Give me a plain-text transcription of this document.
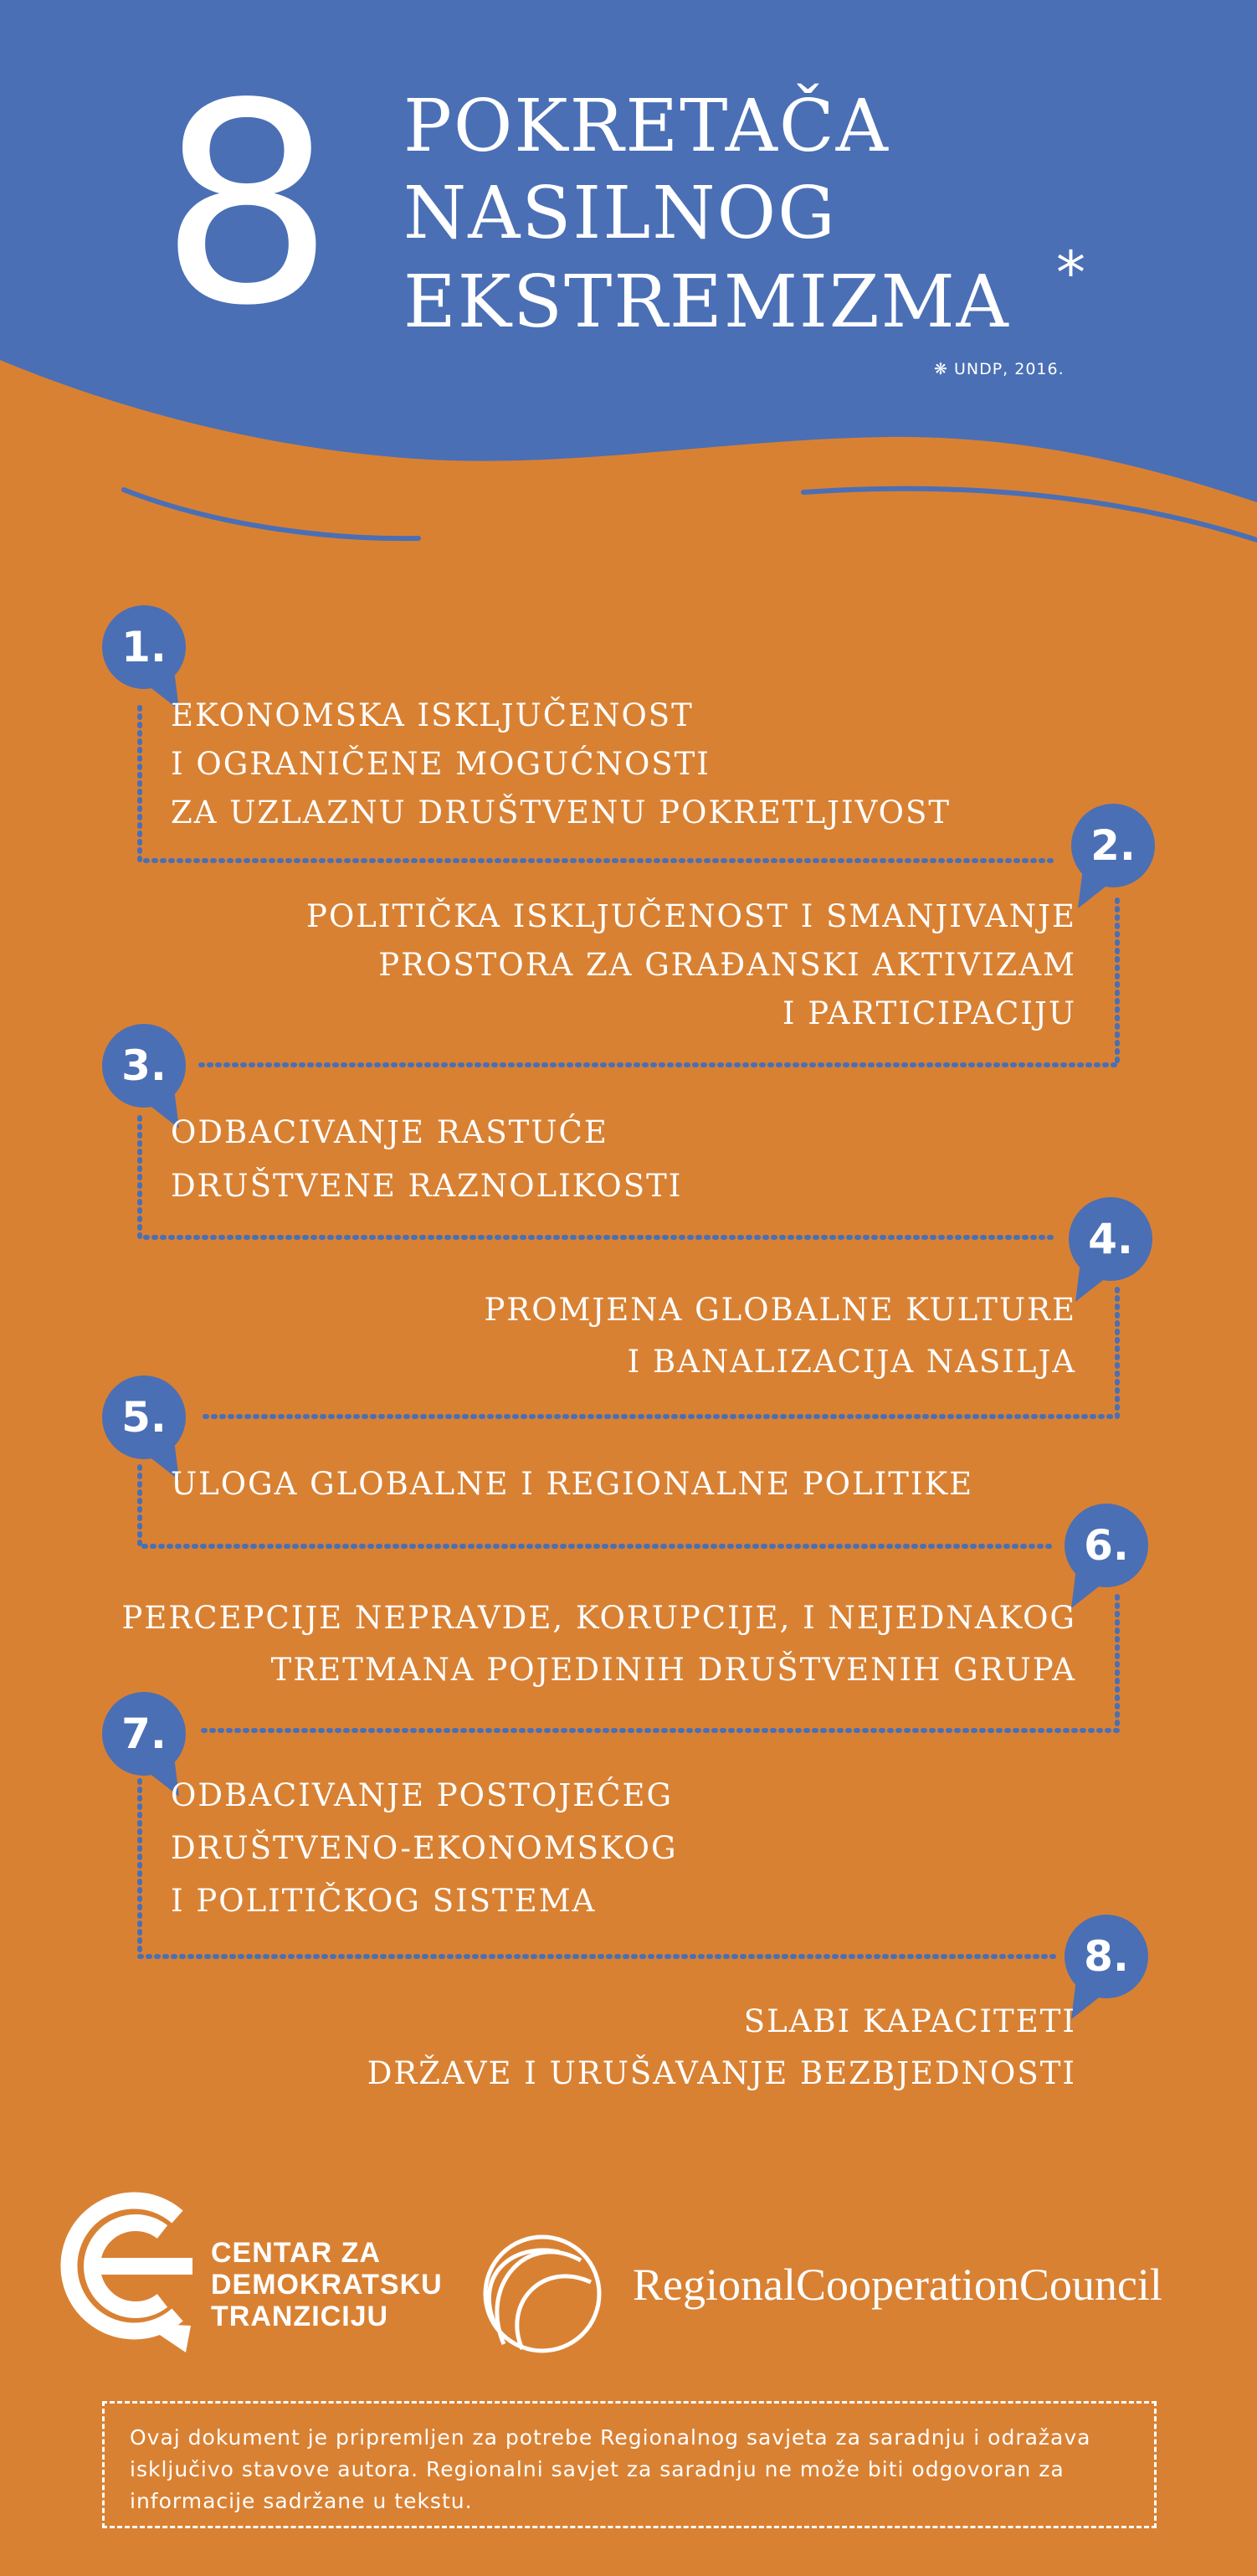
8 POKRETAČA
NASILNOG
EKSTREMIZMA *
❋ UNDP, 2016.
1.
2.
3.
4.
5.
6.
7.
8.
EKONOMSKA ISKLJUČENOST
I OGRANIČENE MOGUĆNOSTI
ZA UZLAZNU DRUŠTVENU POKRETLJIVOST
POLITIČKA ISKLJUČENOST I SMANJIVANJE
PROSTORA ZA GRAĐANSKI AKTIVIZAM
I PARTICIPACIJU
ODBACIVANJE RASTUĆE
DRUŠTVENE RAZNOLIKOSTI
PROMJENA GLOBALNE KULTURE
I BANALIZACIJA NASILJA
ULOGA GLOBALNE I REGIONALNE POLITIKE
PERCEPCIJE NEPRAVDE, KORUPCIJE, I NEJEDNAKOG
TRETMANA POJEDINIH DRUŠTVENIH GRUPA
ODBACIVANJE POSTOJEĆEG
DRUŠTVENO-EKONOMSKOG
I POLITIČKOG SISTEMA
SLABI KAPACITETI
DRŽAVE I URUŠAVANJE BEZBJEDNOSTI
CENTAR ZA
DEMOKRATSKU
TRANZICIJU
RegionalCooperationCouncil
Ovaj dokument je pripremljen za potrebe Regionalnog savjeta za saradnju i odražava isključivo stavove autora. Regionalni savjet za saradnju ne može biti odgovoran za informacije sadržane u tekstu.
